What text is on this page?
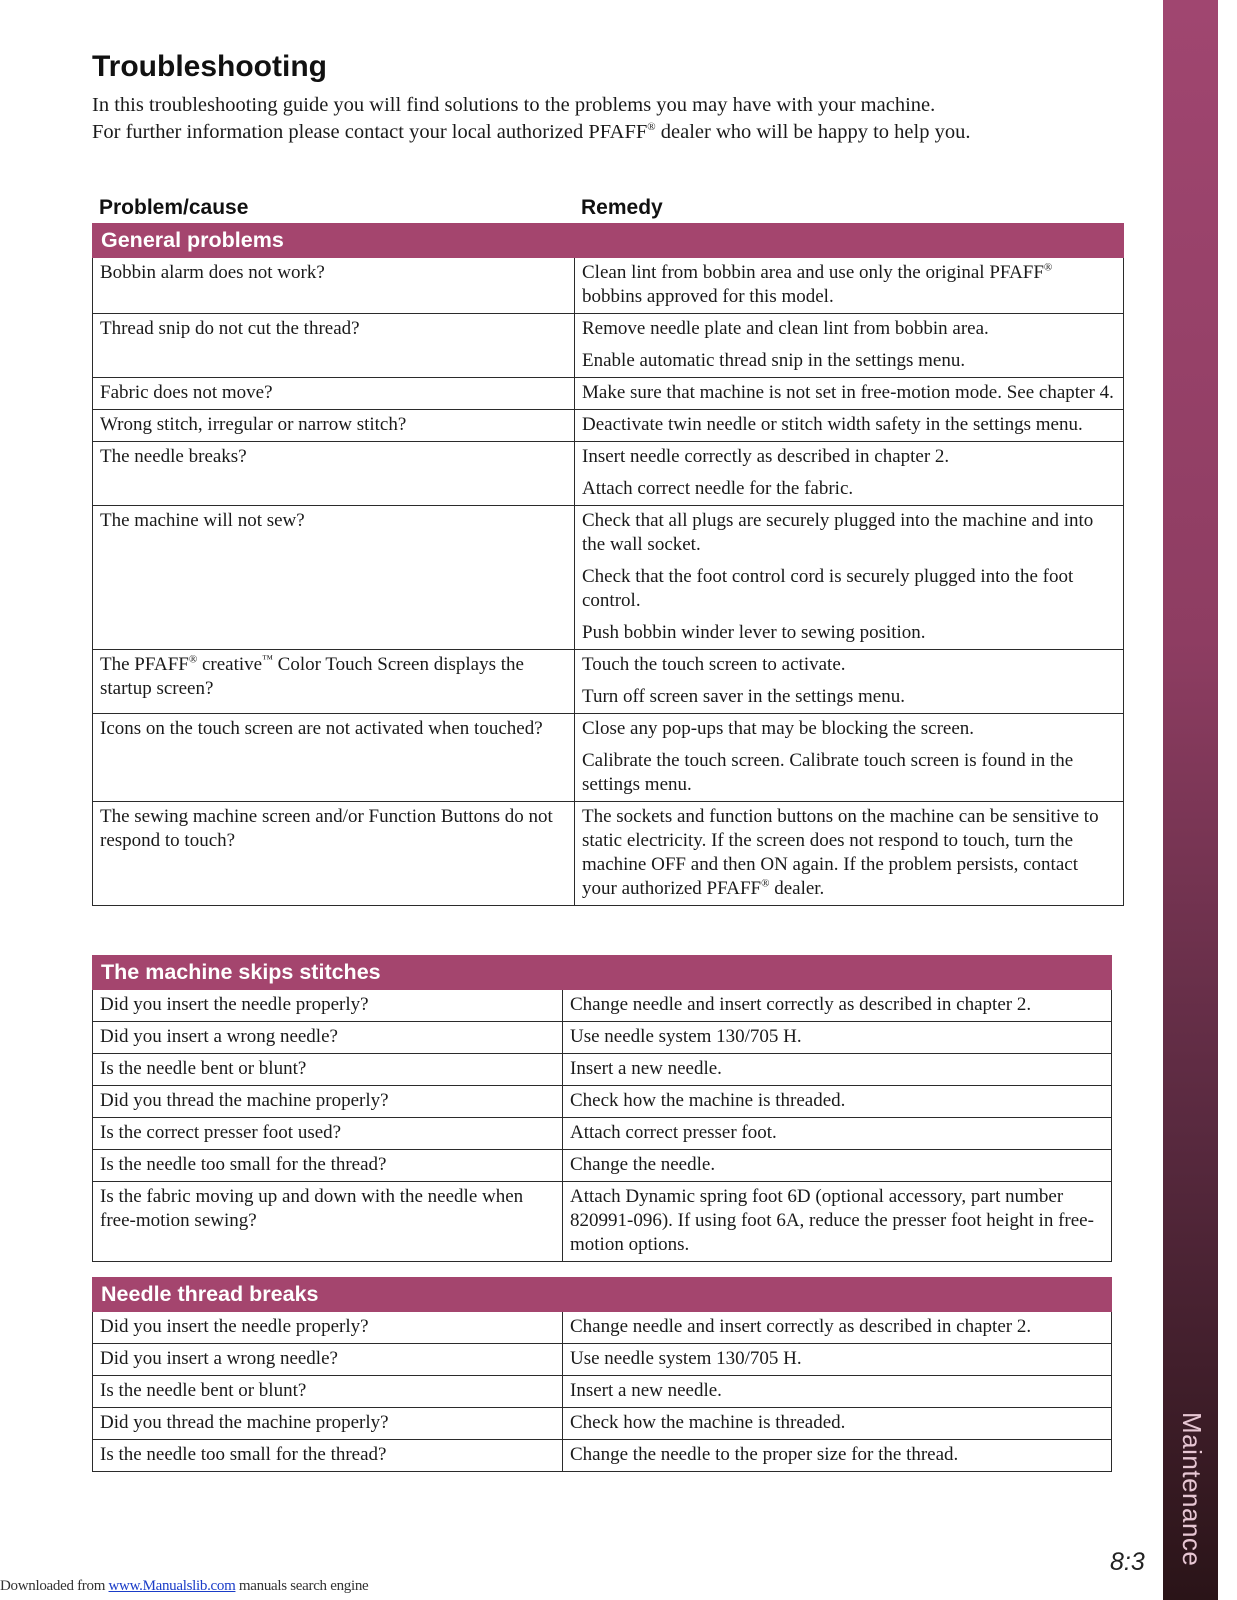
Maintenance
Troubleshooting

In this troubleshooting guide you will find solutions to the problems you may have with your machine.

For further information please contact your local authorized PFAFF® dealer who will be happy to help you.

Problem/cause	Remedy
General problems	

Bobbin alarm does not work?	Clean lint from bobbin area and use only the original PFAFF® bobbins approved for this model.

Thread snip do not cut the thread?	Remove needle plate and clean lint from bobbin area.

Enable automatic thread snip in the settings menu.

Fabric does not move?	Make sure that machine is not set in free-motion mode. See chapter 4.

Wrong stitch, irregular or narrow stitch?	Deactivate twin needle or stitch width safety in the settings menu.

The needle breaks?	Insert needle correctly as described in chapter 2.

Attach correct needle for the fabric.

The machine will not sew?	Check that all plugs are securely plugged into the machine and into the wall socket.

Check that the foot control cord is securely plugged into the foot control.

Push bobbin winder lever to sewing position.

The PFAFF® creative™ Color Touch Screen displays the startup screen?	Touch the touch screen to activate.

Turn off screen saver in the settings menu.

Icons on the touch screen are not activated when touched?	Close any pop-ups that may be blocking the screen.

Calibrate the touch screen. Calibrate touch screen is found in the settings menu.

The sewing machine screen and/or Function Buttons do not respond to touch?	The sockets and function buttons on the machine can be sensitive to static electricity. If the screen does not respond to touch, turn the machine OFF and then ON again. If the problem persists, contact your authorized PFAFF® dealer.

The machine skips stitches	

Did you insert the needle properly?	Change needle and insert correctly as described in chapter 2.

Did you insert a wrong needle?	Use needle system 130/705 H.

Is the needle bent or blunt?	Insert a new needle.

Did you thread the machine properly?	Check how the machine is threaded.

Is the correct presser foot used?	Attach correct presser foot.

Is the needle too small for the thread?	Change the needle.

Is the fabric moving up and down with the needle when free-motion sewing?	Attach Dynamic spring foot 6D (optional accessory, part number 820991-096). If using foot 6A, reduce the presser foot height in free-motion options.

Needle thread breaks	

Did you insert the needle properly?	Change needle and insert correctly as described in chapter 2.

Did you insert a wrong needle?	Use needle system 130/705 H.

Is the needle bent or blunt?	Insert a new needle.

Did you thread the machine properly?	Check how the machine is threaded.

Is the needle too small for the thread?	Change the needle to the proper size for the thread.

8:3
Downloaded from www.Manualslib.com manuals search engine
